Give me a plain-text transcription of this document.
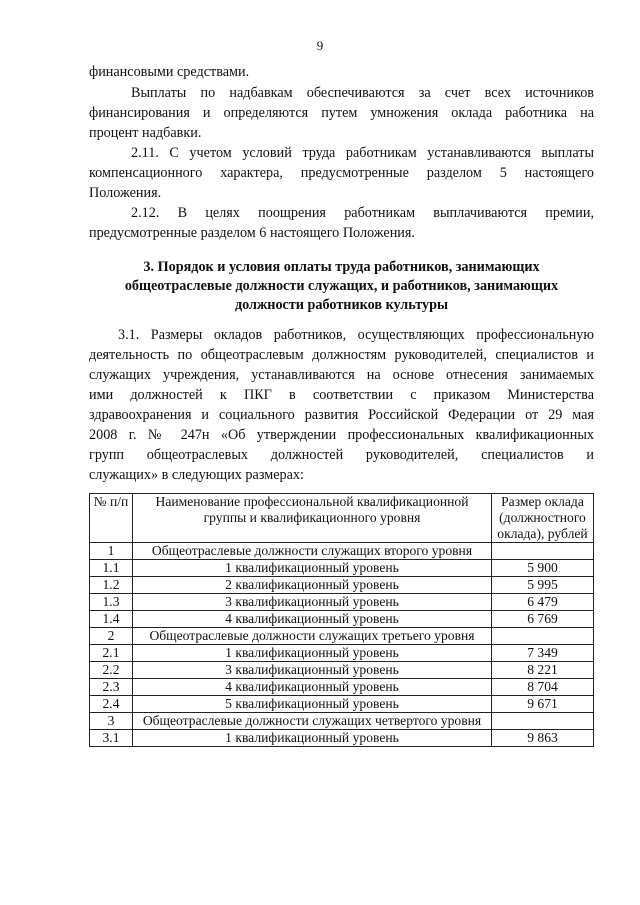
9
финансовыми средствами.
Выплаты по надбавкам обеспечиваются за счет всех источников
финансирования и определяются путем умножения оклада работника на
процент надбавки.
2.11. С учетом условий труда работникам устанавливаются выплаты
компенсационного характера, предусмотренные разделом 5 настоящего
Положения.
2.12. В целях поощрения работникам выплачиваются премии,
предусмотренные разделом 6 настоящего Положения.
3. Порядок и условия оплаты труда работников, занимающих
общеотраслевые должности служащих, и работников, занимающих
должности работников культуры
3.1. Размеры окладов работников, осуществляющих профессиональную
деятельность по общеотраслевым должностям руководителей, специалистов и
служащих учреждения, устанавливаются на основе отнесения занимаемых
ими должностей к ПКГ в соответствии с приказом Министерства
здравоохранения и социального развития Российской Федерации от 29 мая
2008 г. № 247н «Об утверждении профессиональных квалификационных
групп общеотраслевых должностей руководителей, специалистов и
служащих» в следующих размерах:
№ п/п	Наименование профессиональной квалификационной группы и квалификационного уровня	Размер оклада (должностного оклада), рублей
1	Общеотраслевые должности служащих второго уровня	
1.1	1 квалификационный уровень	5 900
1.2	2 квалификационный уровень	5 995
1.3	3 квалификационный уровень	6 479
1.4	4 квалификационный уровень	6 769
2	Общеотраслевые должности служащих третьего уровня	
2.1	1 квалификационный уровень	7 349
2.2	3 квалификационный уровень	8 221
2.3	4 квалификационный уровень	8 704
2.4	5 квалификационный уровень	9 671
3	Общеотраслевые должности служащих четвертого уровня	
3.1	1 квалификационный уровень	9 863
